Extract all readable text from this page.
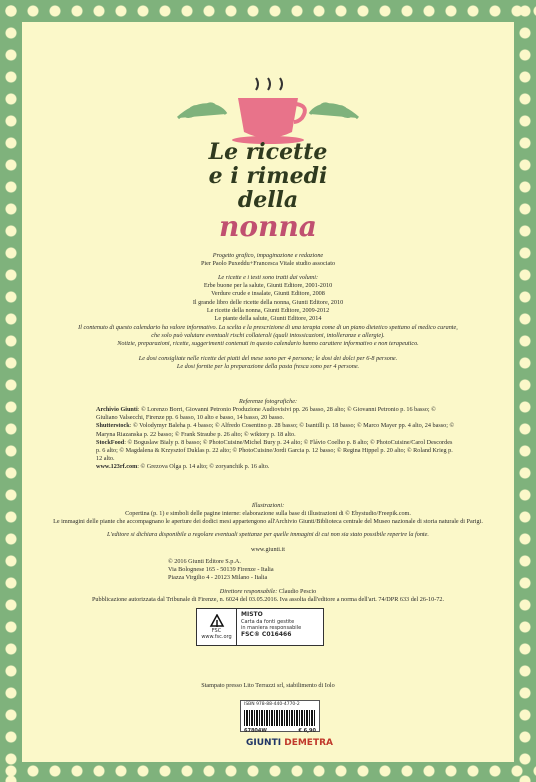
Le ricette
e i rimedi
della
nonna
Progetto grafico, impaginazione e redazione
Pier Paolo Puxeddu+Francesca Vitale studio associato
Le ricette e i testi sono tratti dai volumi:
Erbe buone per la salute, Giunti Editore, 2001-2010
Verdure crude e insalate, Giunti Editore, 2008
Il grande libro delle ricette della nonna, Giunti Editore, 2010
Le ricette della nonna, Giunti Editore, 2009-2012
Le piante della salute, Giunti Editore, 2014
Il contenuto di questo calendario ha valore informativo. La scelta e la prescrizione di una terapia come di un piano dietetico spettano al medico curante,
che solo può valutare eventuali rischi collaterali (quali intossicazioni, intolleranze e allergie).
Notizie, preparazioni, ricette, suggerimenti contenuti in questo calendario hanno carattere informativo e non terapeutico.
Le dosi consigliate nelle ricette dei piatti del mese sono per 4 persone; le dosi dei dolci per 6-8 persone.
Le dosi fornite per la preparazione della pasta fresca sono per 4 persone.
Referenze fotografiche:
Archivio Giunti: © Lorenzo Borri, Giovanni Petronio Produzione Audiovisivi pp. 26 basso, 28 alto; © Giovanni Petronio p. 16 basso; © Giuliano Valsecchi, Firenze pp. 6 basso, 10 alto e basso, 14 basso, 20 basso.
Shutterstock: © Volodymyr Baleha p. 4 basso; © Alfredo Cosentino p. 28 basso; © Isantilli p. 18 basso; © Marco Mayer pp. 4 alto, 24 basso; © Maryna Riazanska p. 22 basso; © Frank Straube p. 26 alto; © wiktory p. 18 alto.
StockFood: © Boguslaw Bialy p. 8 basso; © PhotoCuisine/Michel Bury p. 24 alto; © Flávio Coelho p. 8 alto; © PhotoCuisine/Carol Descordes p. 6 alto; © Magdalena & Krzysztof Duklas p. 22 alto; © PhotoCuisine/Jordi Garcia p. 12 basso; © Regina Hippel p. 20 alto; © Roland Krieg p. 12 alto.
www.123rf.com: © Grezova Olga p. 14 alto; © zoryanchik p. 16 alto.
Illustrazioni:
Copertina (p. 1) e simboli delle pagine interne: elaborazione sulla base di illustrazioni di © Ebystudio/Freepik.com.
Le immagini delle piante che accompagnano le aperture dei dodici mesi appartengono all'Archivio Giunti/Biblioteca centrale del Museo nazionale di storia naturale di Parigi.
L'editore si dichiara disponibile a regolare eventuali spettanze per quelle immagini di cui non sia stato possibile reperire la fonte.
www.giunti.it
© 2016 Giunti Editore S.p.A.
Via Bolognese 165 - 50139 Firenze - Italia
Piazza Virgilio 4 - 20123 Milano - Italia
Direttore responsabile: Claudio Pescio
Pubblicazione autorizzata dal Tribunale di Firenze, n. 6024 del 03.05.2016. Iva assolta dall'editore a norma dell'art. 74/DPR 633 del 26-10-72.
FSC
www.fsc.org
MISTO
Carta da fonti gestite
in maniera responsabile
FSC® C016466
Stampato presso Lito Terrazzi srl, stabilimento di Iolo
ISBN 978-88-440-4770-2
67804W	€ 6,90
GIUNTI DEMETRA
